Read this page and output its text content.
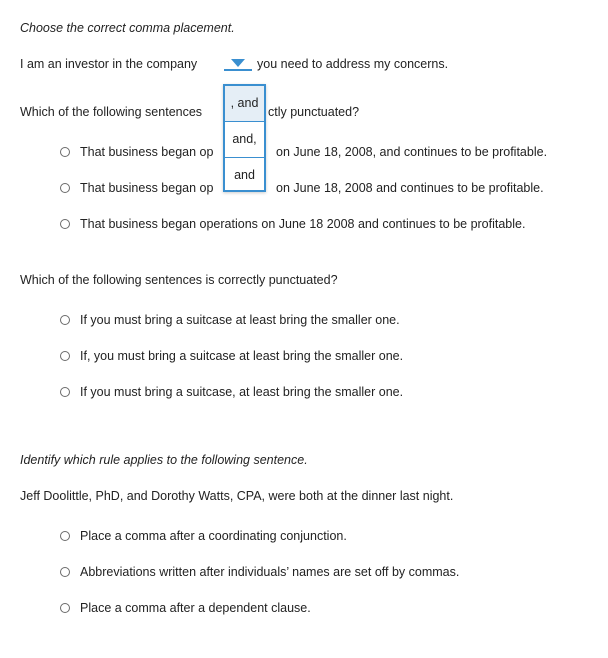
Choose the correct comma placement.
I am an investor in the company	you need to address my concerns.
Which of the following sentences	ctly punctuated?
That business began op	on June 18, 2008, and continues to be profitable.
That business began op	on June 18, 2008 and continues to be profitable.
That business began operations on June 18 2008 and continues to be profitable.
, and
and,
and
Which of the following sentences is correctly punctuated?
If you must bring a suitcase at least bring the smaller one.
If, you must bring a suitcase at least bring the smaller one.
If you must bring a suitcase, at least bring the smaller one.
Identify which rule applies to the following sentence.
Jeff Doolittle, PhD, and Dorothy Watts, CPA, were both at the dinner last night.
Place a comma after a coordinating conjunction.
Abbreviations written after individuals’ names are set off by commas.
Place a comma after a dependent clause.
